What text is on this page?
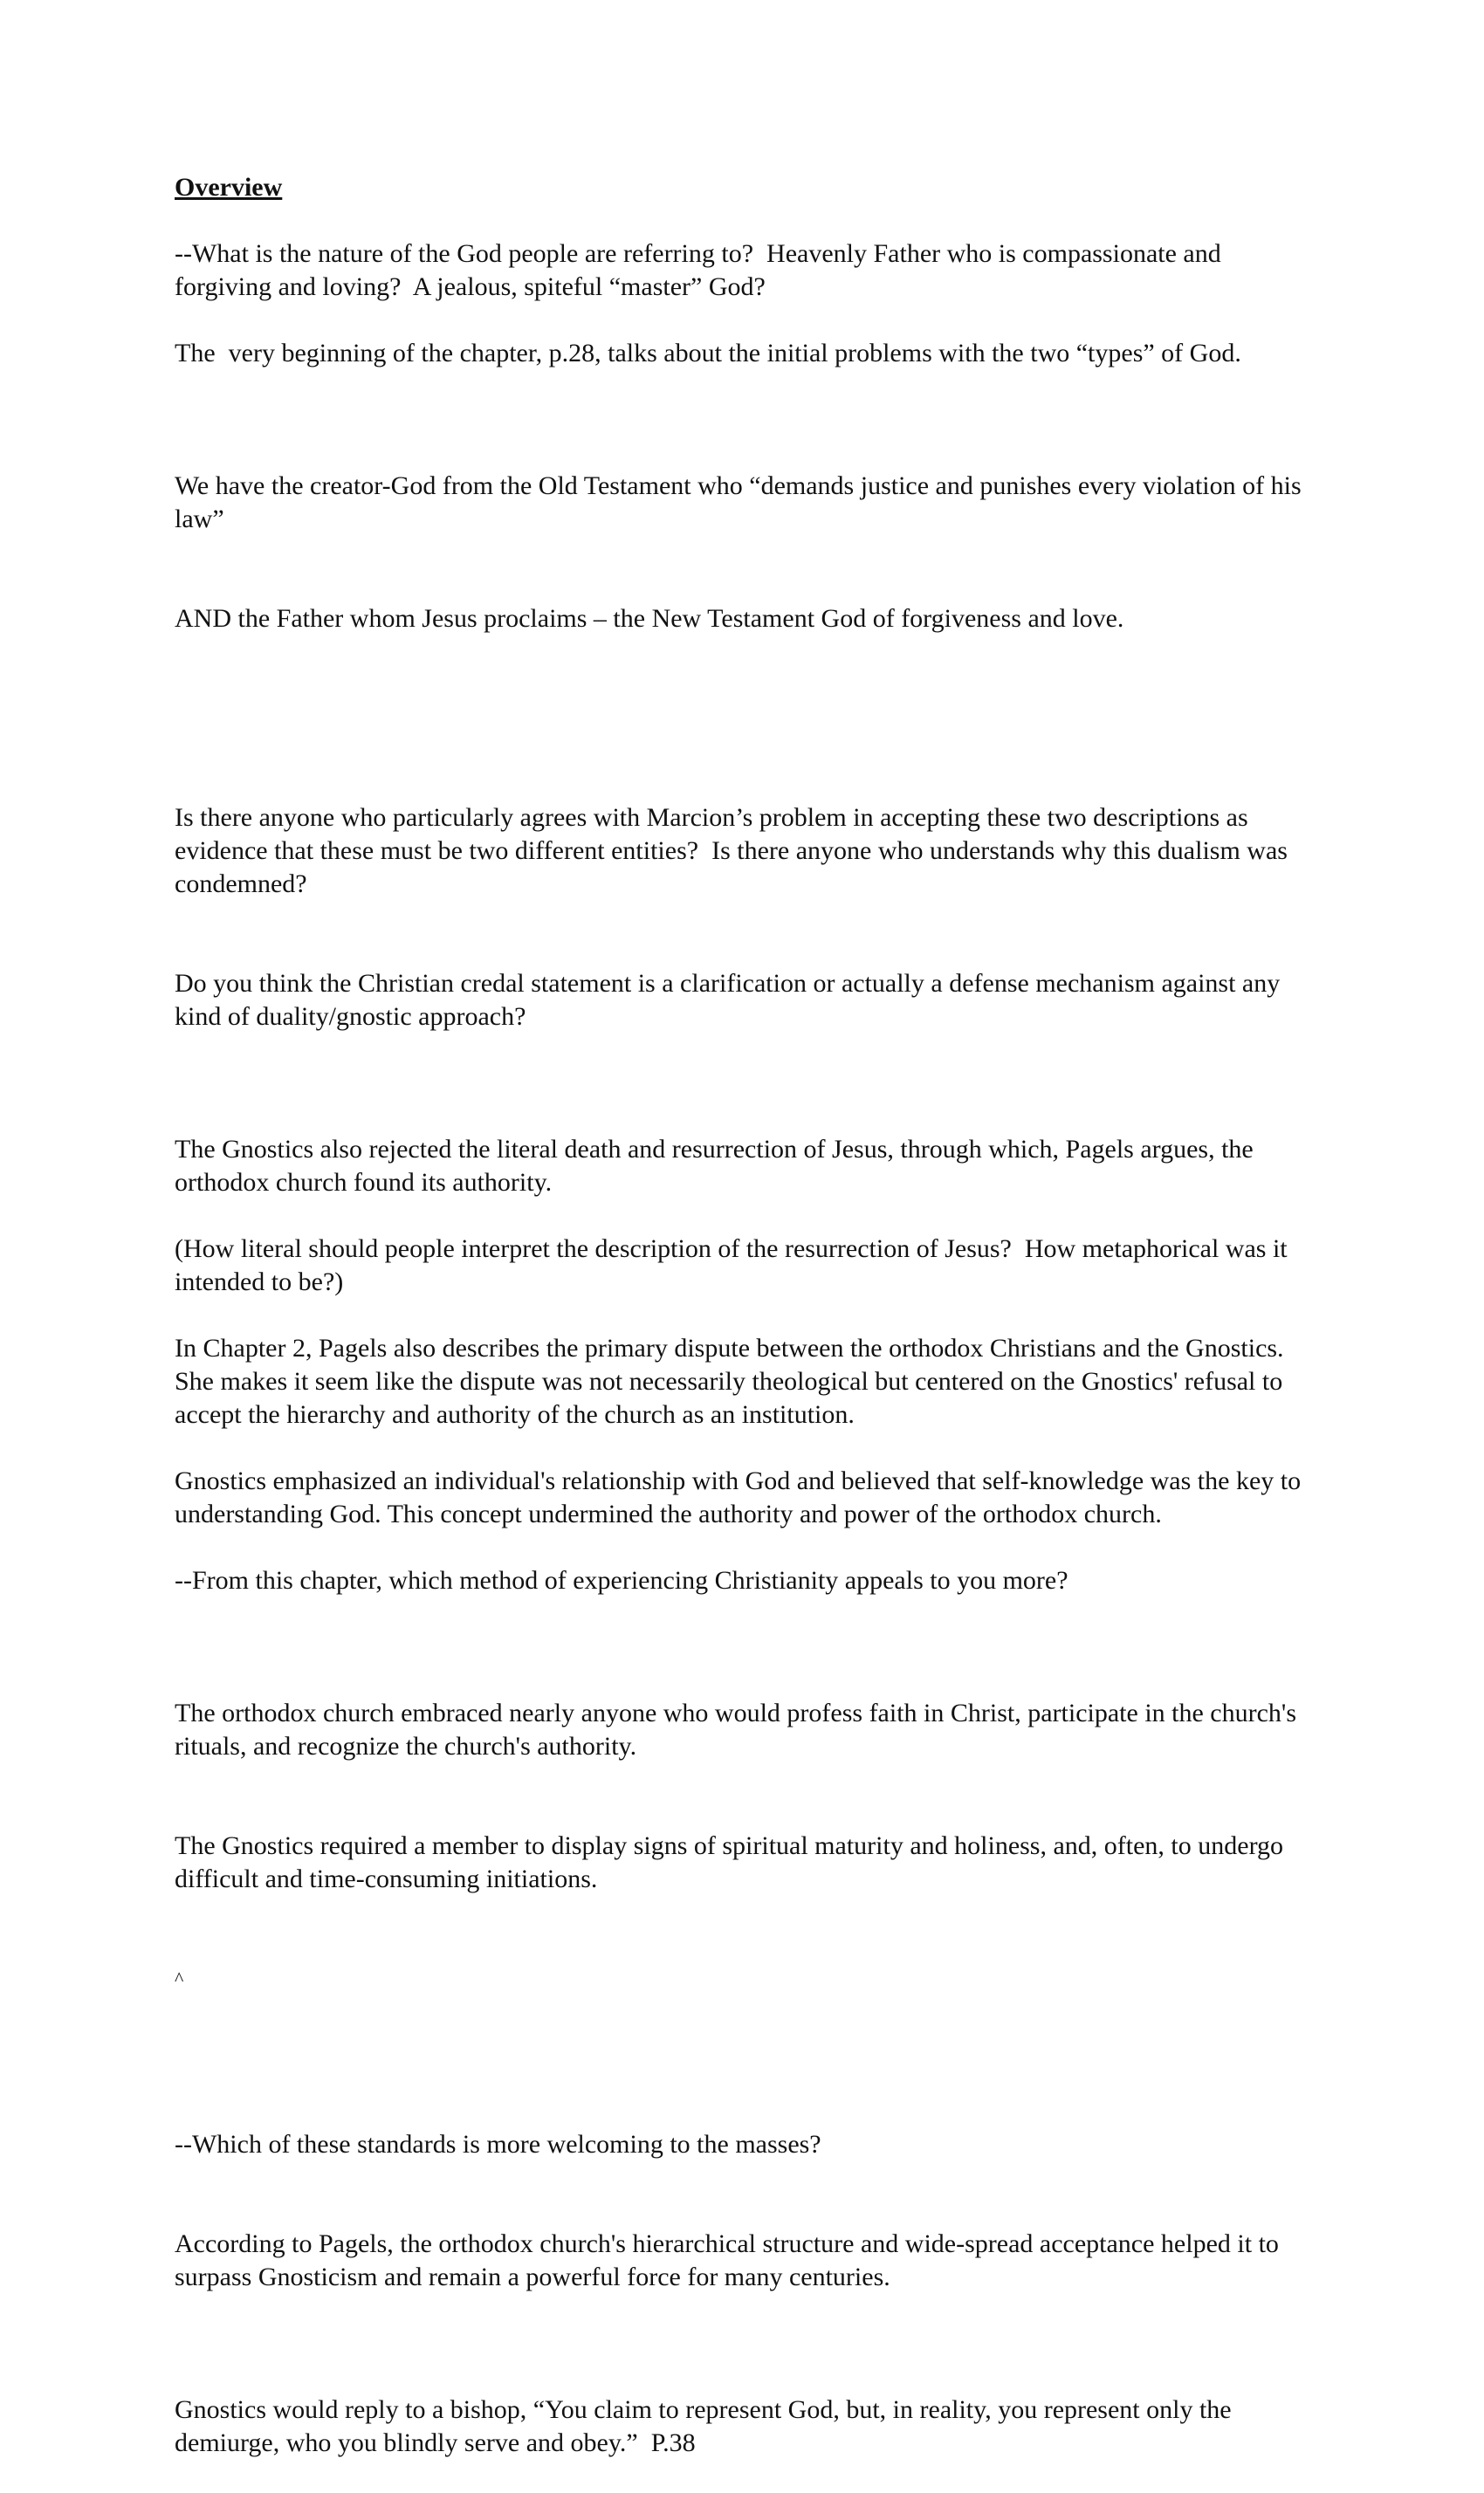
Overview
--What is the nature of the God people are referring to?  Heavenly Father who is compassionate and forgiving and loving?  A jealous, spiteful “master” God?
The  very beginning of the chapter, p.28, talks about the initial problems with the two “types” of God.

We have the creator-God from the Old Testament who “demands justice and punishes every violation of his law”

AND the Father whom Jesus proclaims – the New Testament God of forgiveness and love.

Is there anyone who particularly agrees with Marcion’s problem in accepting these two descriptions as evidence that these must be two different entities?  Is there anyone who understands why this dualism was condemned?

Do you think the Christian credal statement is a clarification or actually a defense mechanism against any kind of duality/gnostic approach?

The Gnostics also rejected the literal death and resurrection of Jesus, through which, Pagels argues, the orthodox church found its authority.
(How literal should people interpret the description of the resurrection of Jesus?  How metaphorical was it intended to be?)
In Chapter 2, Pagels also describes the primary dispute between the orthodox Christians and the Gnostics.  She makes it seem like the dispute was not necessarily theological but centered on the Gnostics' refusal to accept the hierarchy and authority of the church as an institution.
Gnostics emphasized an individual's relationship with God and believed that self-knowledge was the key to understanding God. This concept undermined the authority and power of the orthodox church.
--From this chapter, which method of experiencing Christianity appeals to you more?

The orthodox church embraced nearly anyone who would profess faith in Christ, participate in the church's rituals, and recognize the church's authority.

The Gnostics required a member to display signs of spiritual maturity and holiness, and, often, to undergo difficult and time-consuming initiations.

^

--Which of these standards is more welcoming to the masses?

According to Pagels, the orthodox church's hierarchical structure and wide-spread acceptance helped it to surpass Gnosticism and remain a powerful force for many centuries.

Gnostics would reply to a bishop, “You claim to represent God, but, in reality, you represent only the demiurge, who you blindly serve and obey.”  P.38
